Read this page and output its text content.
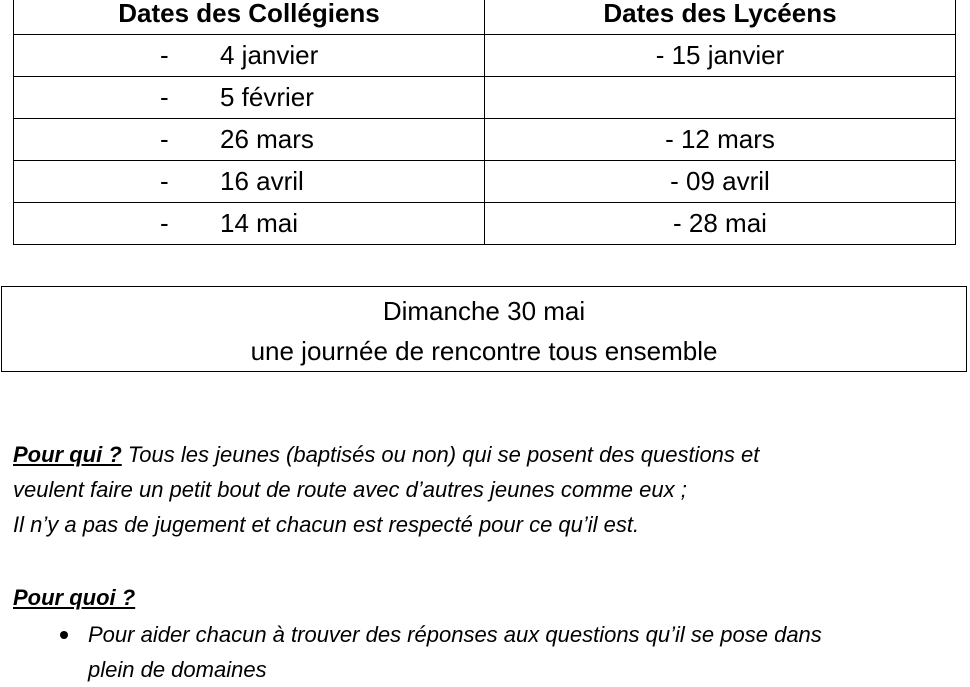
Dates des Collégiens	Dates des Lycéens

- 4 janvier	- 15 janvier

- 5 février	

- 26 mars	- 12 mars

- 16 avril	- 09 avril

- 14 mai	- 28 mai
Dimanche 30 mai
une journée de rencontre tous ensemble
Pour qui ? Tous les jeunes (baptisés ou non) qui se posent des questions et
veulent faire un petit bout de route avec d’autres jeunes comme eux ;
Il n’y a pas de jugement et chacun est respecté pour ce qu’il est.
Pour quoi ?
Pour aider chacun à trouver des réponses aux questions qu’il se pose dans
plein de domaines
